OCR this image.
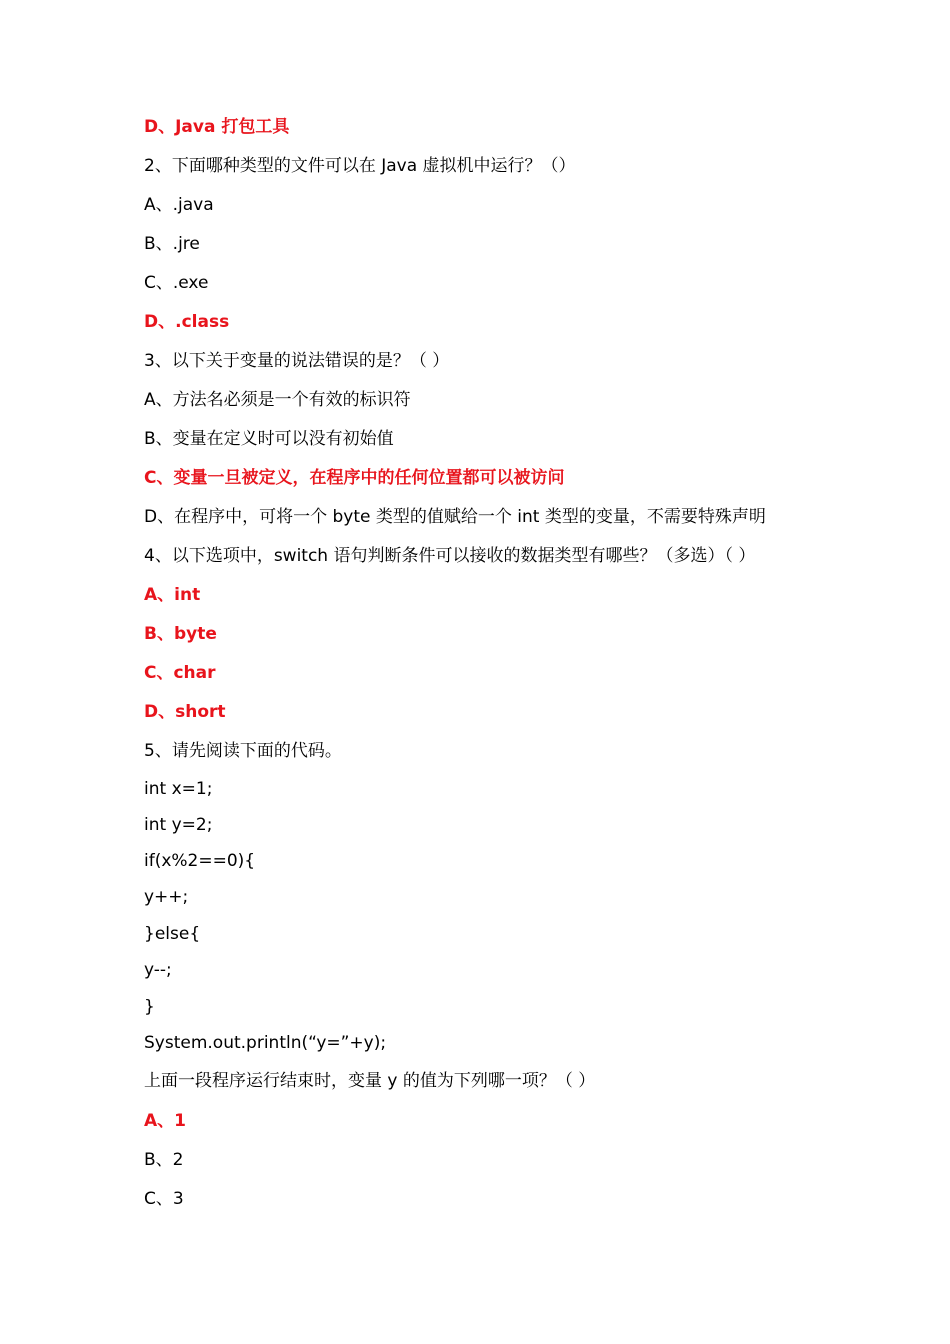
D、Java 打包工具
2、下面哪种类型的文件可以在 Java 虚拟机中运行？（）
A、.java
B、.jre
C、.exe
D、.class
3、以下关于变量的说法错误的是？（ ）
A、方法名必须是一个有效的标识符
B、变量在定义时可以没有初始值
C、变量一旦被定义，在程序中的任何位置都可以被访问
D、在程序中，可将一个 byte 类型的值赋给一个 int 类型的变量，不需要特殊声明
4、以下选项中，switch 语句判断条件可以接收的数据类型有哪些？（多选）（ ）
A、int
B、byte
C、char
D、short
5、请先阅读下面的代码。
int x=1;
int y=2;
if(x%2==0){
y++;
}else{
y--;
}
System.out.println(“y=”+y);
上面一段程序运行结束时，变量 y 的值为下列哪一项？（ ）
A、1
B、2
C、3
